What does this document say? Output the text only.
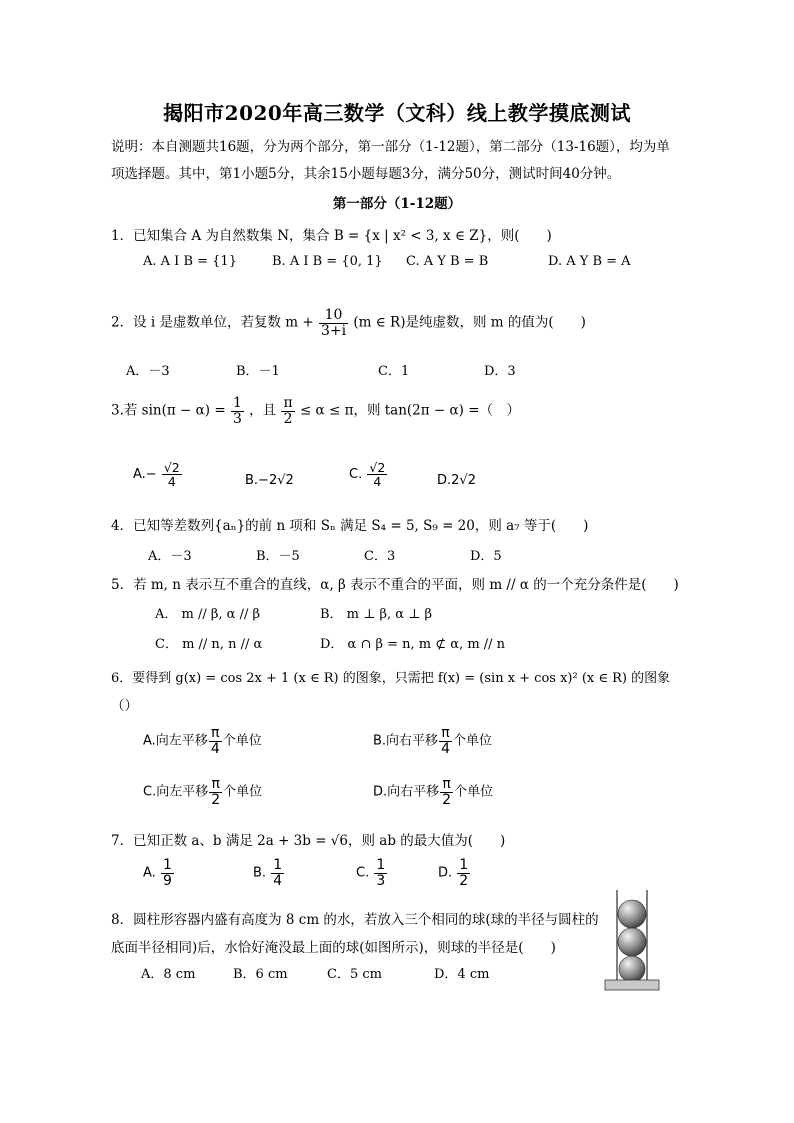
揭阳市2020年高三数学（文科）线上教学摸底测试
说明：本自测题共16题，分为两个部分，第一部分（1-12题），第二部分（13-16题），均为单项选择题。其中，第1小题5分，其余15小题每题3分，满分50分，测试时间40分钟。
第一部分（1-12题）
1．已知集合 A 为自然数集 N，集合 B = {x | x² < 3, x ∈ Z}，则(　　)
A. A I B = {1}	B. A I B = {0, 1} C. A Y B = B	D. A Y B = A
2．设 i 是虚数单位，若复数 $m + \frac{10}{3+i} (m$ ∈ R)是纯虚数，则 m 的值为(　　)
A．－3	B．－1	C．1	D．3
3.若 $\sin(\pi - \alpha) = \frac{1}{3}$ ，且 $\frac{\pi}{2} \le \alpha \le \pi$，则 tan(2π − α) =（　）
$A.- \frac{√2}{4}$	B.−2√2	C. $\frac{√2}{4}$	D.2√2
4．已知等差数列{aₙ}的前 n 项和 Sₙ 满足 S₄ = 5, S₉ = 20，则 a₇ 等于(　　)
A．－3	B．－5	C．3	D．5
5．若 m, n 表示互不重合的直线，α, β 表示不重合的平面，则 m // α 的一个充分条件是(　　)
A． m // β, α // β	B． m ⊥ β, α ⊥ β
C． m // n, n // α	D． α ∩ β = n, m ⊄ α, m // n
6．要得到 g(x) = cos 2x + 1 (x ∈ R) 的图象，只需把 f(x) = (sin x + cos x)² (x ∈ R) 的图象
（）
A.向左平移 $\frac{\pi}{4}$ 个单位	B.向右平移 $\frac{\pi}{4}$ 个单位
C.向左平移 $\frac{\pi}{2}$ 个单位	D.向右平移 $\frac{\pi}{2}$ 个单位
7．已知正数 a、b 满足 2a + 3b = √6，则 ab 的最大值为(　　)
A. $\frac{1}{9}$	B. $\frac{1}{4}$	C. $\frac{1}{3}$	D. $\frac{1}{2}$
8．圆柱形容器内盛有高度为 8 cm 的水，若放入三个相同的球(球的半径与圆柱的
底面半径相同)后，水恰好淹没最上面的球(如图所示)，则球的半径是(　　)
A．8 cm	B．6 cm	C．5 cm	D．4 cm
